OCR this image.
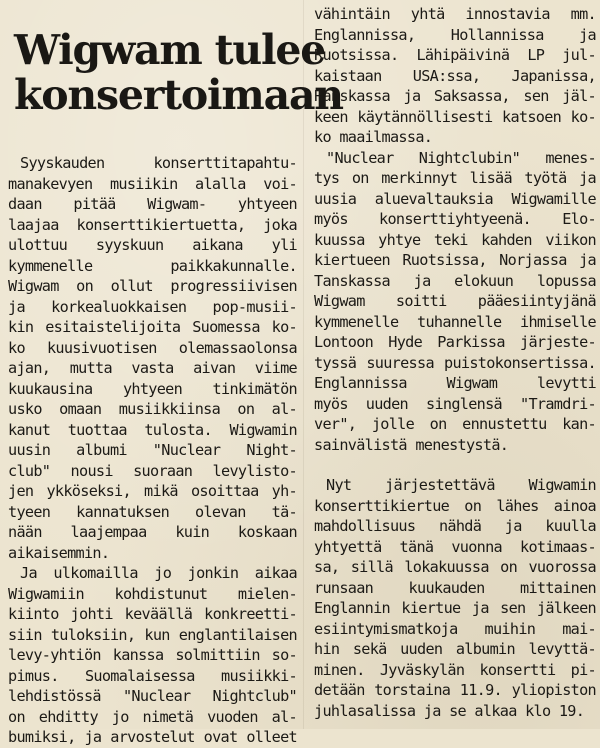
Wigwam tulee
konsertoimaan
Syyskauden konserttitapahtu-
manakevyen musiikin alalla voi-
daan pitää Wigwam- yhtyeen
laajaa konserttikiertuetta, joka
ulottuu syyskuun aikana yli
kymmenelle paikkakunnalle.
Wigwam on ollut progressiivisen
ja korkealuokkaisen pop-musii-
kin esitaistelijoita Suomessa ko-
ko kuusivuotisen olemassaolonsa
ajan, mutta vasta aivan viime
kuukausina yhtyeen tinkimätön
usko omaan musiikkiinsa on al-
kanut tuottaa tulosta. Wigwamin
uusin albumi "Nuclear Night-
club" nousi suoraan levylisto-
jen ykköseksi, mikä osoittaa yh-
tyeen kannatuksen olevan tä-
nään laajempaa kuin koskaan
aikaisemmin.
Ja ulkomailla jo jonkin aikaa
Wigwamiin kohdistunut mielen-
kiinto johti keväällä konkreetti-
siin tuloksiin, kun englantilaisen
levy-yhtiön kanssa solmittiin so-
pimus. Suomalaisessa musiikki-
lehdistössä "Nuclear Nightclub"
on ehditty jo nimetä vuoden al-
bumiksi, ja arvostelut ovat olleet
vähintäin yhtä innostavia mm.
Englannissa, Hollannissa ja
Ruotsissa. Lähipäivinä LP jul-
kaistaan USA:ssa, Japanissa,
Ranskassa ja Saksassa, sen jäl-
keen käytännöllisesti katsoen ko-
ko maailmassa.
"Nuclear Nightclubin" menes-
tys on merkinnyt lisää työtä ja
uusia aluevaltauksia Wigwamille
myös konserttiyhtyeenä. Elo-
kuussa yhtye teki kahden viikon
kiertueen Ruotsissa, Norjassa ja
Tanskassa ja elokuun lopussa
Wigwam soitti pääesiintyjänä
kymmenelle tuhannelle ihmiselle
Lontoon Hyde Parkissa järjeste-
tyssä suuressa puistokonsertissa.
Englannissa Wigwam levytti
myös uuden singlensä "Tramdri-
ver", jolle on ennustettu kan-
sainvälistä menestystä.
Nyt järjestettävä Wigwamin
konserttikiertue on lähes ainoa
mahdollisuus nähdä ja kuulla
yhtyettä tänä vuonna kotimaas-
sa, sillä lokakuussa on vuorossa
runsaan kuukauden mittainen
Englannin kiertue ja sen jälkeen
esiintymismatkoja muihin mai-
hin sekä uuden albumin levyttä-
minen. Jyväskylän konsertti pi-
detään torstaina 11.9. yliopiston
juhlasalissa ja se alkaa klo 19.
